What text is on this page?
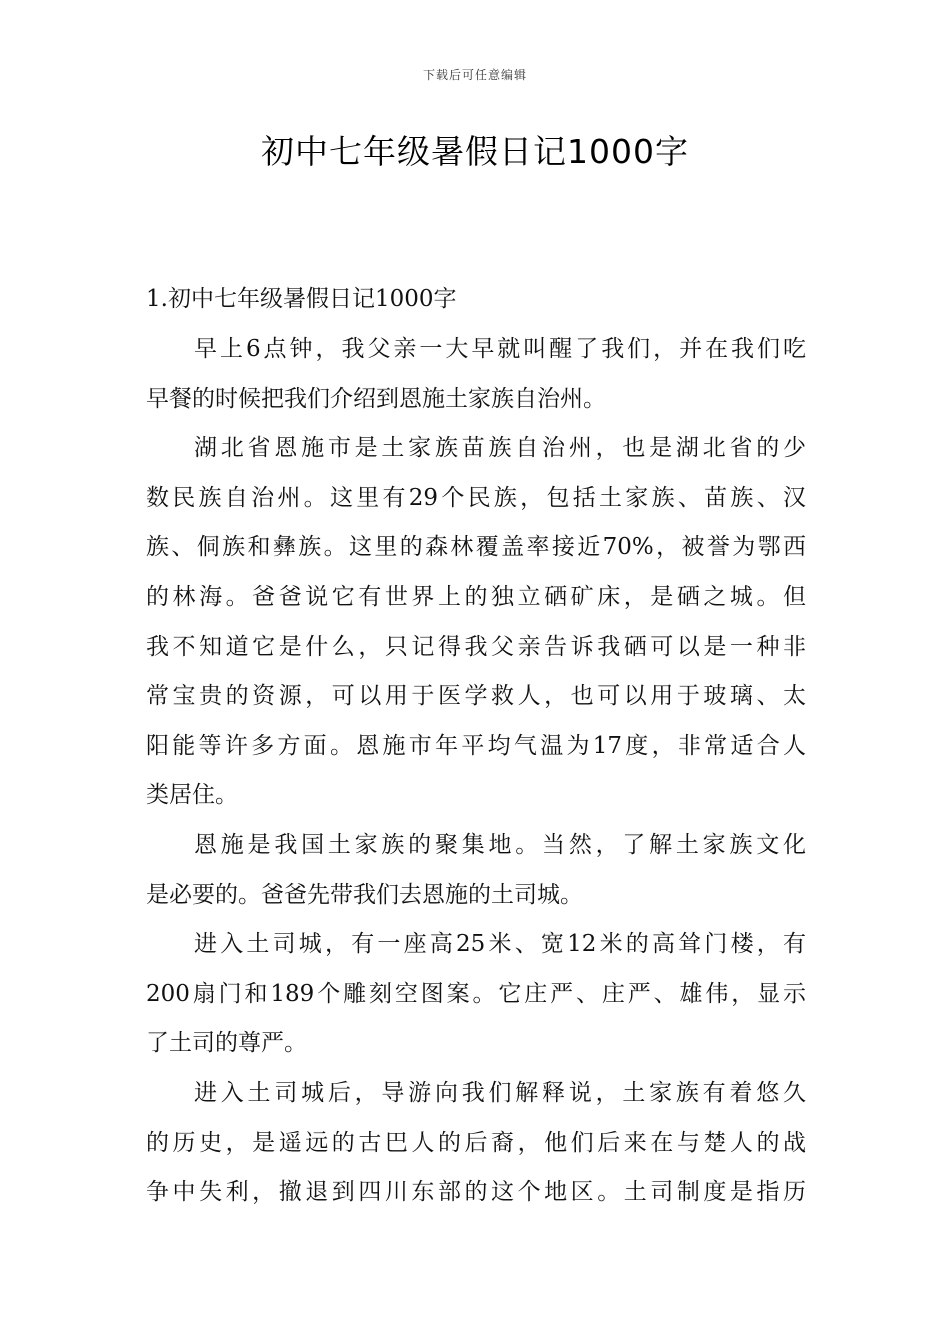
下载后可任意编辑
初中七年级暑假日记1000字

1.初中七年级暑假日记1000字

早上6点钟，我父亲一大早就叫醒了我们，并在我们吃

早餐的时候把我们介绍到恩施土家族自治州。

湖北省恩施市是土家族苗族自治州，也是湖北省的少

数民族自治州。这里有29个民族，包括土家族、苗族、汉

族、侗族和彝族。这里的森林覆盖率接近70%，被誉为鄂西

的林海。爸爸说它有世界上的独立硒矿床，是硒之城。但

我不知道它是什么，只记得我父亲告诉我硒可以是一种非

常宝贵的资源，可以用于医学救人，也可以用于玻璃、太

阳能等许多方面。恩施市年平均气温为17度，非常适合人

类居住。

恩施是我国土家族的聚集地。当然，了解土家族文化

是必要的。爸爸先带我们去恩施的土司城。

进入土司城，有一座高25米、宽12米的高耸门楼，有

200扇门和189个雕刻空图案。它庄严、庄严、雄伟，显示

了土司的尊严。

进入土司城后，导游向我们解释说，土家族有着悠久

的历史，是遥远的古巴人的后裔，他们后来在与楚人的战

争中失利，撤退到四川东部的这个地区。土司制度是指历
